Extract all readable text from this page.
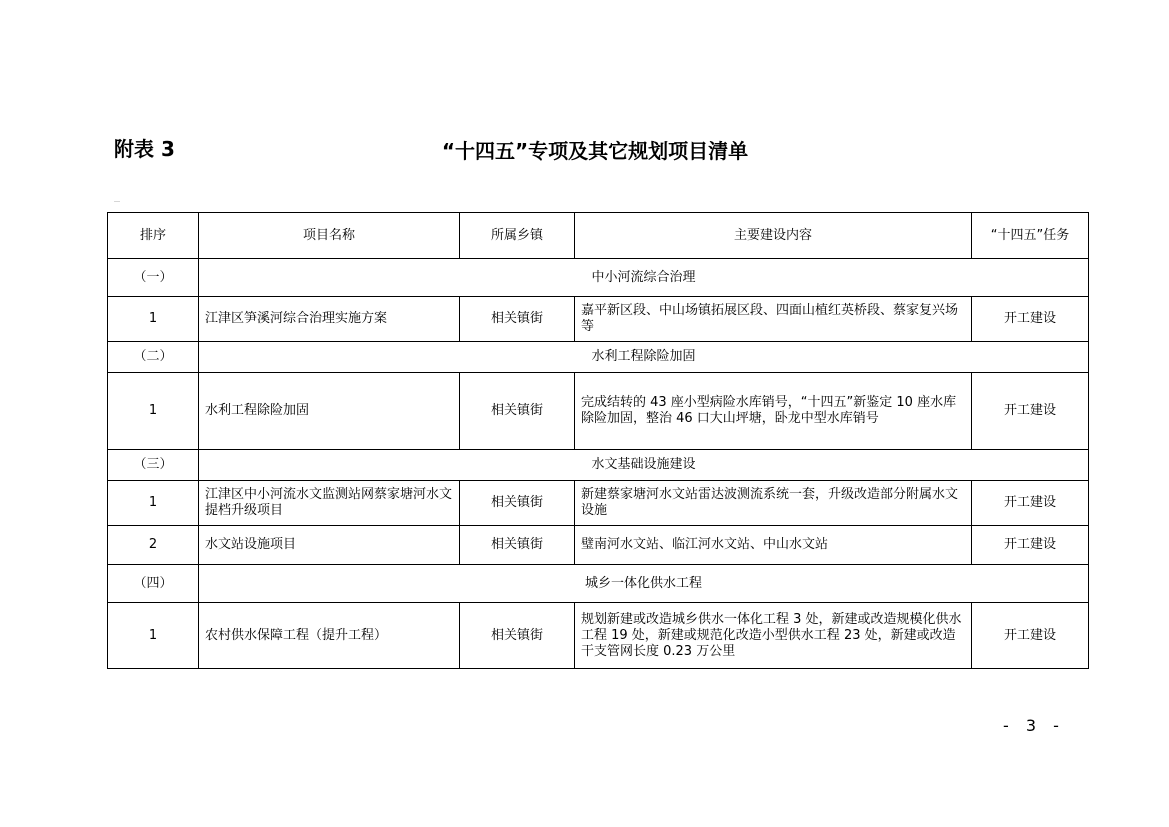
附表 3	“十四五”专项及其它规划项目清单
…
排序	项目名称	所属乡镇	主要建设内容	“十四五”任务
（一）	中小河流综合治理			
1	江津区笋溪河综合治理实施方案	相关镇街	嘉平新区段、中山场镇拓展区段、四面山植红英桥段、蔡家复兴场等	开工建设
（二）	水利工程除险加固			
1	水利工程除险加固	相关镇街	完成结转的 43 座小型病险水库销号，“十四五”新鉴定 10 座水库除险加固，整治 46 口大山坪塘，卧龙中型水库销号	开工建设
（三）	水文基础设施建设			
1	江津区中小河流水文监测站网蔡家塘河水文提档升级项目	相关镇街	新建蔡家塘河水文站雷达波测流系统一套，升级改造部分附属水文设施	开工建设
2	水文站设施项目	相关镇街	璧南河水文站、临江河水文站、中山水文站	开工建设
（四）	城乡一体化供水工程			
1	农村供水保障工程（提升工程）	相关镇街	规划新建或改造城乡供水一体化工程 3 处，新建或改造规模化供水工程 19 处，新建或规范化改造小型供水工程 23 处，新建或改造干支管网长度 0.23 万公里	开工建设
- 3 -
